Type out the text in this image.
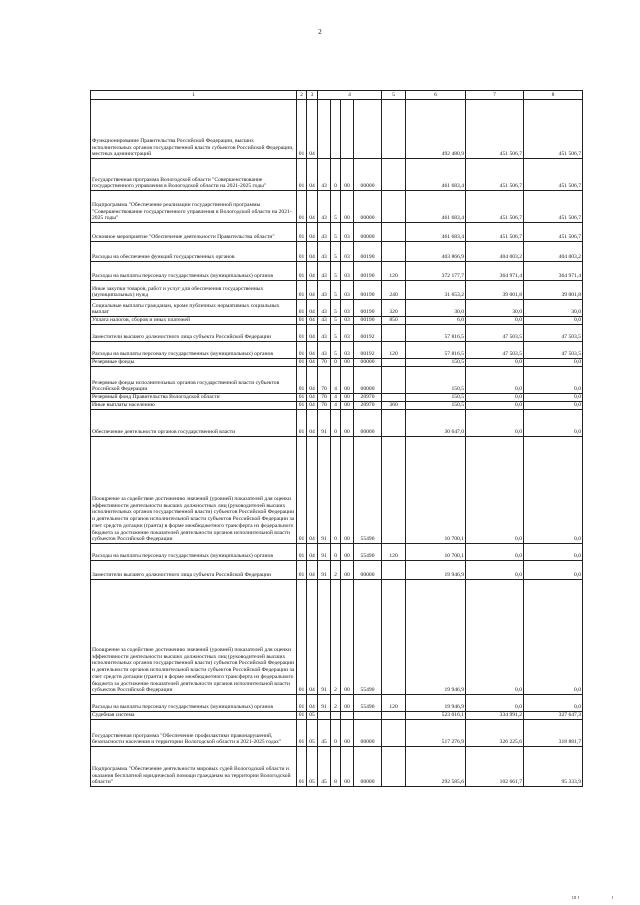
2
1	2	3	4				5	6	7	8
Функционирование Правительства Российской Федерации, высших исполнительных органов государственной власти субъектов Российской Федерации, местных администраций	01	04						492 480,9	451 506,7	451 506,7
Государственная программа Вологодской области "Совершенствование государственного управления в Вологодской области на 2021-2025 годы"	01	04	43	0	00	00000		461 683,4	451 506,7	451 506,7
Подпрограмма "Обеспечение реализации государственной программы "Совершенствование государственного управления в Вологодской области на 2021-2025 годы"	01	04	43	5	00	00000		461 683,4	451 506,7	451 506,7
Основное мероприятие "Обеспечение деятельности Правительства области"	01	04	43	5	03	00000		461 683,4	451 506,7	451 506,7
Расходы на обеспечение функций государственных органов	01	04	43	5	03	00190		403 866,9	404 003,2	404 003,2
Расходы на выплаты персоналу государственных (муниципальных) органов	01	04	43	5	03	00190	120	372 177,7	364 971,4	364 971,4
Иные закупки товаров, работ и услуг для обеспечения государственных (муниципальных) нужд	01	04	43	5	03	00190	240	31 653,2	39 001,8	39 001,8
Социальные выплаты гражданам, кроме публичных нормативных социальных выплат	01	04	43	5	03	00190	320	30,0	30,0	30,0
Уплата налогов, сборов и иных платежей	01	04	43	5	03	00190	850	6,0	0,0	0,0
Заместители высшего должностного лица субъекта Российской Федерации	01	04	43	5	03	00192		57 816,5	47 503,5	47 503,5
Расходы на выплаты персоналу государственных (муниципальных) органов	01	04	43	5	03	00192	120	57 816,5	47 503,5	47 503,5
Резервные фонды	01	04	70	0	00	00000		150,5	0,0	0,0
Резервные фонды исполнительных органов государственной власти субъектов Российской Федерации	01	04	70	4	00	00000		150,5	0,0	0,0
Резервный фонд Правительства Вологодской области	01	04	70	4	00	20970		150,5	0,0	0,0
Иные выплаты населению	01	04	70	4	00	20970	360	150,5	0,0	0,0
Обеспечение деятельности органов государственной власти	01	04	91	0	00	00000		30 647,0	0,0	0,0
Поощрение за содействие достижению значений (уровней) показателей для оценки эффективности деятельности высших должностных лиц (руководителей высших исполнительных органов государственной власти) субъектов Российской Федерации и деятельности органов исполнительной власти субъектов Российской Федерации за счет средств дотации (гранта) в форме межбюджетного трансферта из федерального бюджета за достижение показателей деятельности органов исполнительной власти субъектов Российской Федерации	01	04	91	0	00	55490		10 700,1	0,0	0,0
Расходы на выплаты персоналу государственных (муниципальных) органов	01	04	91	0	00	55490	120	10 700,1	0,0	0,0
Заместители высшего должностного лица субъекта Российской Федерации	01	04	91	2	00	00000		19 946,9	0,0	0,0
Поощрение за содействие достижению значений (уровней) показателей для оценки эффективности деятельности высших должностных лиц (руководителей высших исполнительных органов государственной власти) субъектов Российской Федерации и деятельности органов исполнительной власти субъектов Российской Федерации за счет средств дотации (гранта) в форме межбюджетного трансферта из федерального бюджета за достижение показателей деятельности органов исполнительной власти субъектов Российской Федерации	01	04	91	2	00	55490		19 946,9	0,0	0,0
Расходы на выплаты персоналу государственных (муниципальных) органов	01	04	91	2	00	55490	120	19 946,9	0,0	0,0
Судебная система	01	05						523 016,1	334 991,2	327 647,3
Государственная программа "Обеспечение профилактики правонарушений, безопасности населения и территории Вологодской области в 2021-2025 годах"	01	05	45	0	00	00000		517 276,9	326 225,6	318 881,7
Подпрограмма "Обеспечение деятельности мировых судей Вологодской области и оказания бесплатной юридической помощи гражданам на территории Вологодской области"	01	05	45	8	00	00000		292 585,6	102 661,7	95 333,9
III I	I
